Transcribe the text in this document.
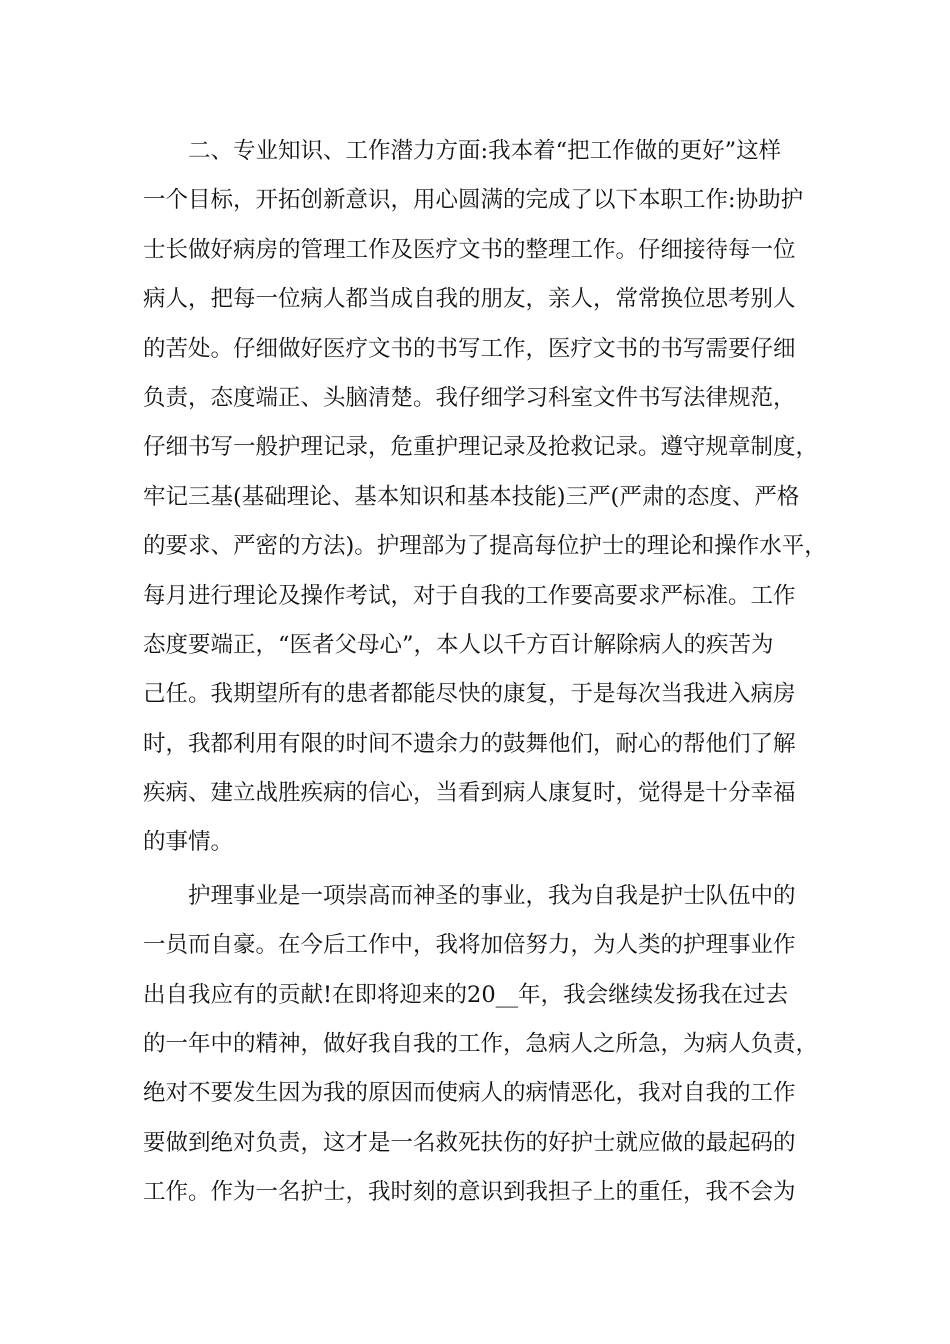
　　二、专业知识、工作潜力方面:我本着“把工作做的更好”这样
一个目标，开拓创新意识，用心圆满的完成了以下本职工作:协助护
士长做好病房的管理工作及医疗文书的整理工作。仔细接待每一位
病人，把每一位病人都当成自我的朋友，亲人，常常换位思考别人
的苦处。仔细做好医疗文书的书写工作，医疗文书的书写需要仔细
负责，态度端正、头脑清楚。我仔细学习科室文件书写法律规范，
仔细书写一般护理记录，危重护理记录及抢救记录。遵守规章制度，
牢记三基(基础理论、基本知识和基本技能)三严(严肃的态度、严格
的要求、严密的方法)。护理部为了提高每位护士的理论和操作水平，
每月进行理论及操作考试，对于自我的工作要高要求严标准。工作
态度要端正，“医者父母心”，本人以千方百计解除病人的疾苦为
己任。我期望所有的患者都能尽快的康复，于是每次当我进入病房
时，我都利用有限的时间不遗余力的鼓舞他们，耐心的帮他们了解
疾病、建立战胜疾病的信心，当看到病人康复时，觉得是十分幸福
的事情。
　　护理事业是一项崇高而神圣的事业，我为自我是护士队伍中的
一员而自豪。在今后工作中，我将加倍努力，为人类的护理事业作
出自我应有的贡献!在即将迎来的20__年，我会继续发扬我在过去
的一年中的精神，做好我自我的工作，急病人之所急，为病人负责，
绝对不要发生因为我的原因而使病人的病情恶化，我对自我的工作
要做到绝对负责，这才是一名救死扶伤的好护士就应做的最起码的
工作。作为一名护士，我时刻的意识到我担子上的重任，我不会为
